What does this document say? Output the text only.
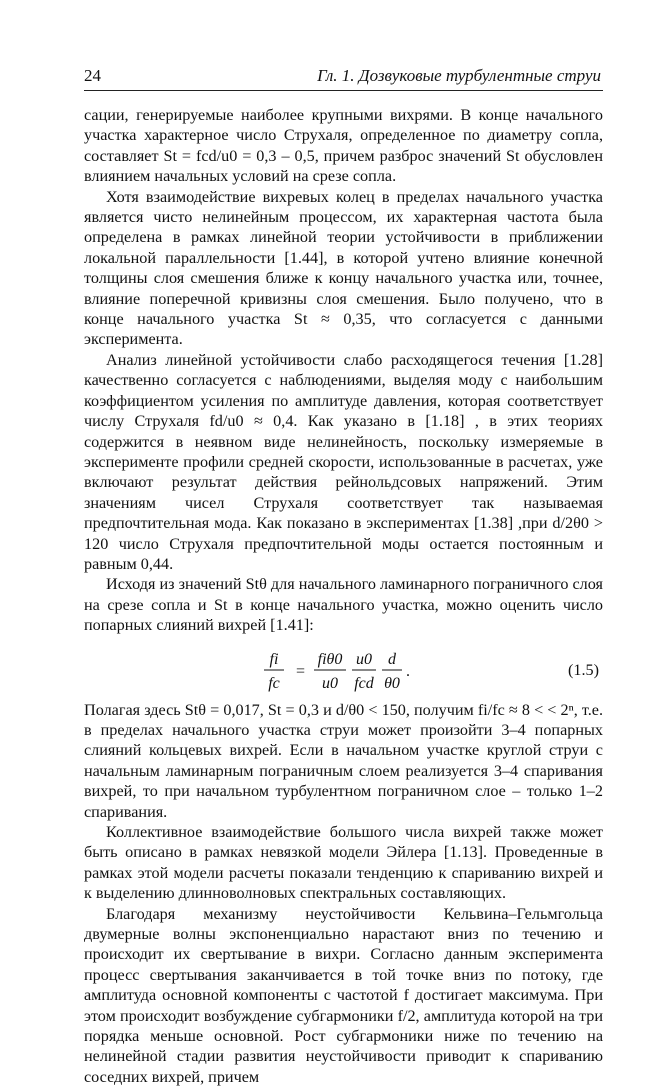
24	Гл. 1. Дозвуковые турбулентные струи

сации, генерируемые наиболее крупными вихрями. В конце начального участка характерное число Струхаля, определенное по диаметру сопла, составляет St = fcd/u0 = 0,3 – 0,5, причем разброс значений St обусловлен влиянием начальных условий на срезе сопла.

Хотя взаимодействие вихревых колец в пределах начального участка является чисто нелинейным процессом, их характерная частота была определена в рамках линейной теории устойчивости в приближении локальной параллельности [1.44], в которой учтено влияние конечной толщины слоя смешения ближе к концу начального участка или, точнее, влияние поперечной кривизны слоя смешения. Было получено, что в конце начального участка St ≈ 0,35, что согласуется с данными эксперимента.

Анализ линейной устойчивости слабо расходящегося течения [1.28] качественно согласуется с наблюдениями, выделяя моду с наибольшим коэффициентом усиления по амплитуде давления, которая соответствует числу Струхаля fd/u0 ≈ 0,4. Как указано в [1.18] , в этих теориях содержится в неявном виде нелинейность, поскольку измеряемые в эксперименте профили средней скорости, использованные в расчетах, уже включают результат действия рейнольдсовых напряжений. Этим значениям чисел Струхаля соответствует так называемая предпочтительная мода. Как показано в экспериментах [1.38] ,при d/2θ0 > 120 число Струхаля предпочтительной моды остается постоянным и равным 0,44.

Исходя из значений Stθ для начального ламинарного пограничного слоя на срезе сопла и St в конце начального участка, можно оценить число попарных слияний вихрей [1.41]:

fi
fc
=
fiθ0
u0
u0
fcd
d
θ0
.	(1.5)

Полагая здесь Stθ = 0,017, St = 0,3 и d/θ0 < 150, получим fi/fc ≈ 8 < < 2ⁿ, т.е. в пределах начального участка струи может произойти 3–4 попарных слияний кольцевых вихрей. Если в начальном участке круглой струи с начальным ламинарным пограничным слоем реализуется 3–4 спаривания вихрей, то при начальном турбулентном пограничном слое – только 1–2 спаривания.

Коллективное взаимодействие большого числа вихрей также может быть описано в рамках невязкой модели Эйлера [1.13]. Проведенные в рамках этой модели расчеты показали тенденцию к спариванию вихрей и к выделению длинноволновых спектральных составляющих.

Благодаря механизму неустойчивости Кельвина–Гельмгольца двумерные волны экспоненциально нарастают вниз по течению и происходит их свертывание в вихри. Согласно данным эксперимента процесс свертывания заканчивается в той точке вниз по потоку, где амплитуда основной компоненты с частотой f достигает максимума. При этом происходит возбуждение субгармоники f/2, амплитуда которой на три порядка меньше основной. Рост субгармоники ниже по течению на нелинейной стадии развития неустойчивости приводит к спариванию соседних вихрей, причем
